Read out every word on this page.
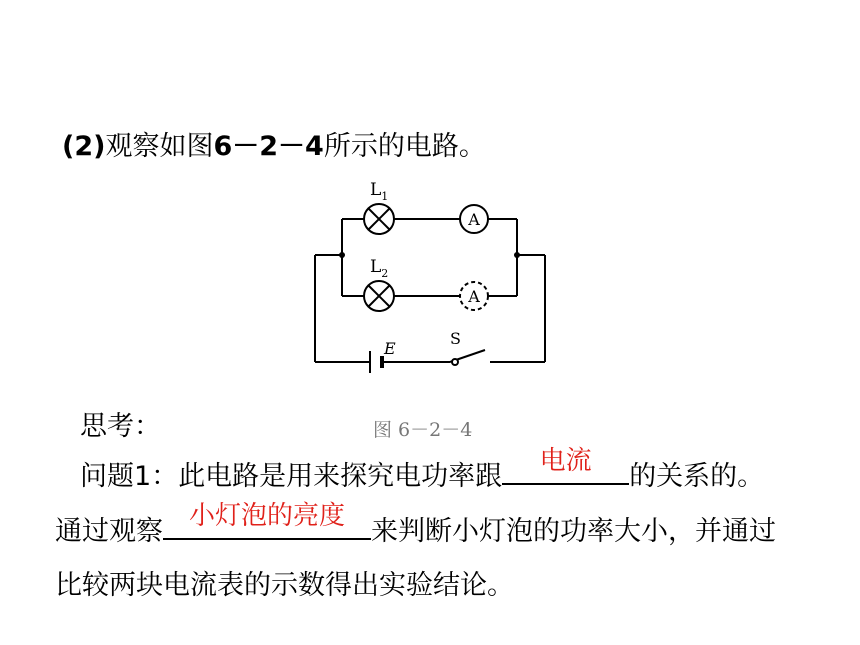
(2)观察如图6－2－4所示的电路。
$L_1$
A
$L_2$
A
E
S
图 6－2－4
思考：
问题1：此电路是用来探究电功率跟	电流	的关系的。
通过观察 小灯泡的亮度 来判断小灯泡的功率大小，并通过
比较两块电流表的示数得出实验结论。
